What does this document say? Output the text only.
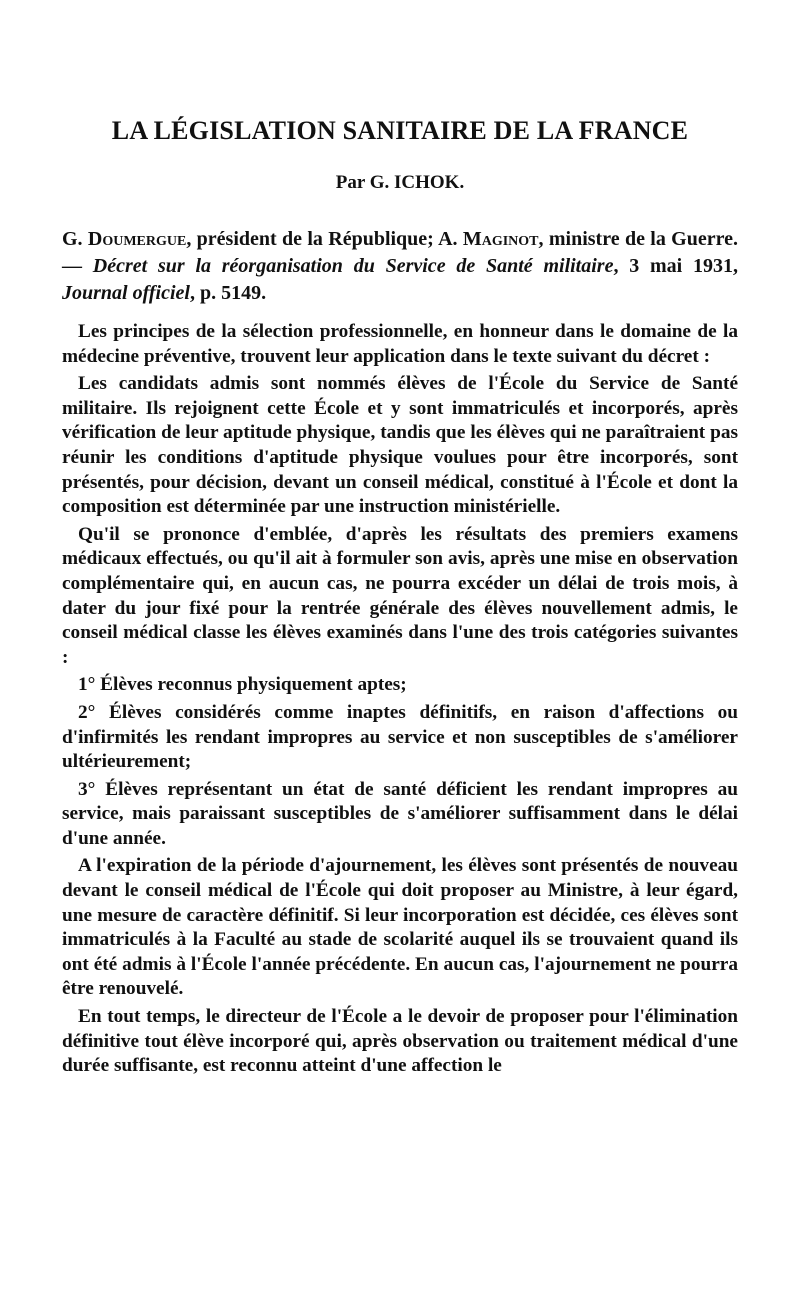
LA LÉGISLATION SANITAIRE DE LA FRANCE
Par G. ICHOK.
G. Doumergue, président de la République; A. Maginot, ministre de la Guerre. — Décret sur la réorganisation du Service de Santé militaire, 3 mai 1931, Journal officiel, p. 5149.

Les principes de la sélection professionnelle, en honneur dans le domaine de la médecine préventive, trouvent leur application dans le texte suivant du décret :

Les candidats admis sont nommés élèves de l'École du Service de Santé militaire. Ils rejoignent cette École et y sont immatriculés et incorporés, après vérification de leur aptitude physique, tandis que les élèves qui ne paraîtraient pas réunir les conditions d'aptitude physique voulues pour être incorporés, sont présentés, pour décision, devant un conseil médical, constitué à l'École et dont la composition est déterminée par une instruction ministérielle.

Qu'il se prononce d'emblée, d'après les résultats des premiers examens médicaux effectués, ou qu'il ait à formuler son avis, après une mise en observation complémentaire qui, en aucun cas, ne pourra excéder un délai de trois mois, à dater du jour fixé pour la rentrée générale des élèves nouvellement admis, le conseil médical classe les élèves examinés dans l'une des trois catégories suivantes :

1° Élèves reconnus physiquement aptes;

2° Élèves considérés comme inaptes définitifs, en raison d'affections ou d'infirmités les rendant impropres au service et non susceptibles de s'améliorer ultérieurement;

3° Élèves représentant un état de santé déficient les rendant impropres au service, mais paraissant susceptibles de s'améliorer suffisamment dans le délai d'une année.

A l'expiration de la période d'ajournement, les élèves sont présentés de nouveau devant le conseil médical de l'École qui doit proposer au Ministre, à leur égard, une mesure de caractère définitif. Si leur incorporation est décidée, ces élèves sont immatriculés à la Faculté au stade de scolarité auquel ils se trouvaient quand ils ont été admis à l'École l'année précédente. En aucun cas, l'ajournement ne pourra être renouvelé.

En tout temps, le directeur de l'École a le devoir de proposer pour l'élimination définitive tout élève incorporé qui, après observation ou traitement médical d'une durée suffisante, est reconnu atteint d'une affection le
